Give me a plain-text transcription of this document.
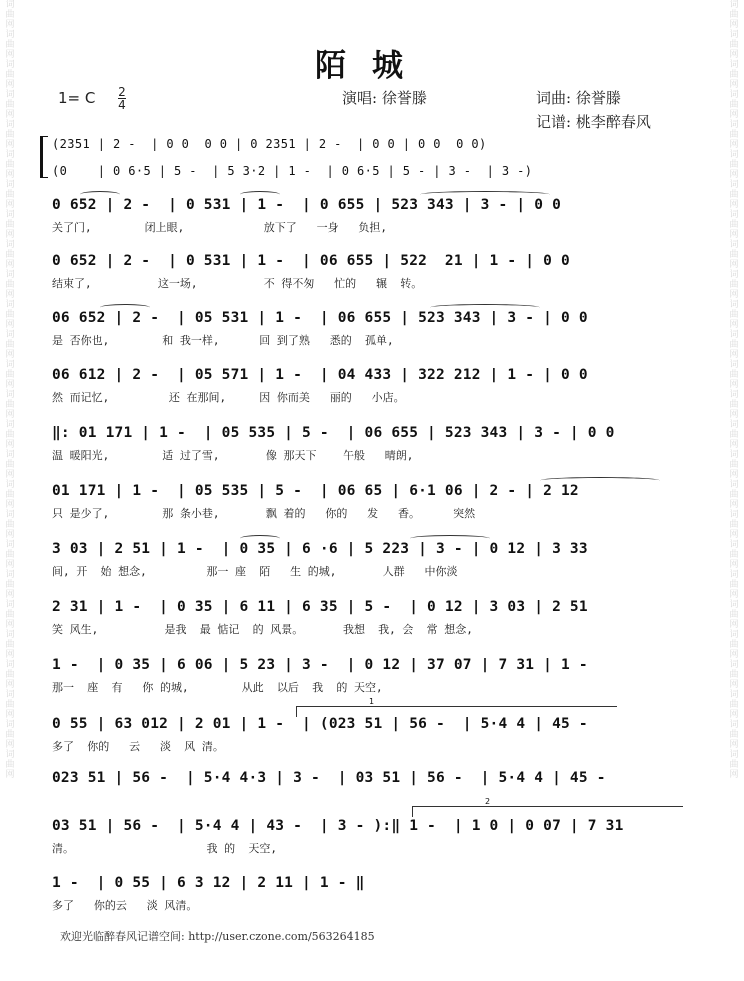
词曲网词曲网词曲网词曲网词曲网词曲网词曲网词曲网词曲网词曲网词曲网词曲网词曲网词曲网词曲网词曲网词曲网词曲网词曲网词曲网词曲网词曲网词曲网词曲网词曲网词曲网
词曲网词曲网词曲网词曲网词曲网词曲网词曲网词曲网词曲网词曲网词曲网词曲网词曲网词曲网词曲网词曲网词曲网词曲网词曲网词曲网词曲网词曲网词曲网词曲网词曲网词曲网
陌城
1= C $\frac{2}{4}$	演唱: 徐誉滕	词曲: 徐誉滕
记谱: 桃李醉春风
(2351 | 2 -  | 0 0  0 0 | 0 2351 | 2 -  | 0 0 | 0 0  0 0)
(0    | 0 6·5 | 5 -  | 5 3·2 | 1 -  | 0 6·5 | 5 - | 3 -  | 3 -)
0 652 | 2 -  | 0 531 | 1 -  | 0 655 | 523 343 | 3 - | 0 0
关了门,        闭上眼,            放下了   一身   负担,
0 652 | 2 -  | 0 531 | 1 -  | 06 655 | 522  21 | 1 - | 0 0
结束了,          这一场,          不 得不匆   忙的   辗  转。
06 652 | 2 -  | 05 531 | 1 -  | 06 655 | 523 343 | 3 - | 0 0
是 否你也,        和 我一样,      回 到了熟   悉的  孤单,
06 612 | 2 -  | 05 571 | 1 -  | 04 433 | 322 212 | 1 - | 0 0
然 而记忆,         还 在那间,     因 你而美   丽的   小店。
‖: 01 171 | 1 -  | 05 535 | 5 -  | 06 655 | 523 343 | 3 - | 0 0
温 暖阳光,        适 过了雪,       像 那天下    午般   晴朗,
01 171 | 1 -  | 05 535 | 5 -  | 06 65 | 6·1 06 | 2 - | 2 12
只 是少了,        那 条小巷,       飘 着的   你的   发   香。     突然
3 03 | 2 51 | 1 -  | 0 35 | 6 ·6 | 5 223 | 3 - | 0 12 | 3 33
间, 开  始 想念,         那一 座  陌   生 的城,       人群   中你淡
2 31 | 1 -  | 0 35 | 6 11 | 6 35 | 5 -  | 0 12 | 3 03 | 2 51
笑 风生,          是我  最 惦记  的 风景。      我想  我, 会  常 想念,
1 -  | 0 35 | 6 06 | 5 23 | 3 -  | 0 12 | 37 07 | 7 31 | 1 -
那一  座  有   你 的城,        从此  以后  我  的 天空,
1
0 55 | 63 012 | 2 01 | 1 -  | (023 51 | 56 -  | 5·4 4 | 45 -
多了  你的   云   淡  风 清。
023 51 | 56 -  | 5·4 4·3 | 3 -  | 03 51 | 56 -  | 5·4 4 | 45 -
2
03 51 | 56 -  | 5·4 4 | 43 -  | 3 - ):‖ 1 -  | 1 0 | 0 07 | 7 31
清。                    我 的  天空,
1 -  | 0 55 | 6 3 12 | 2 11 | 1 - ‖
多了   你的云   淡 风清。
欢迎光临醉春风记谱空间: http://user.czone.com/563264185
